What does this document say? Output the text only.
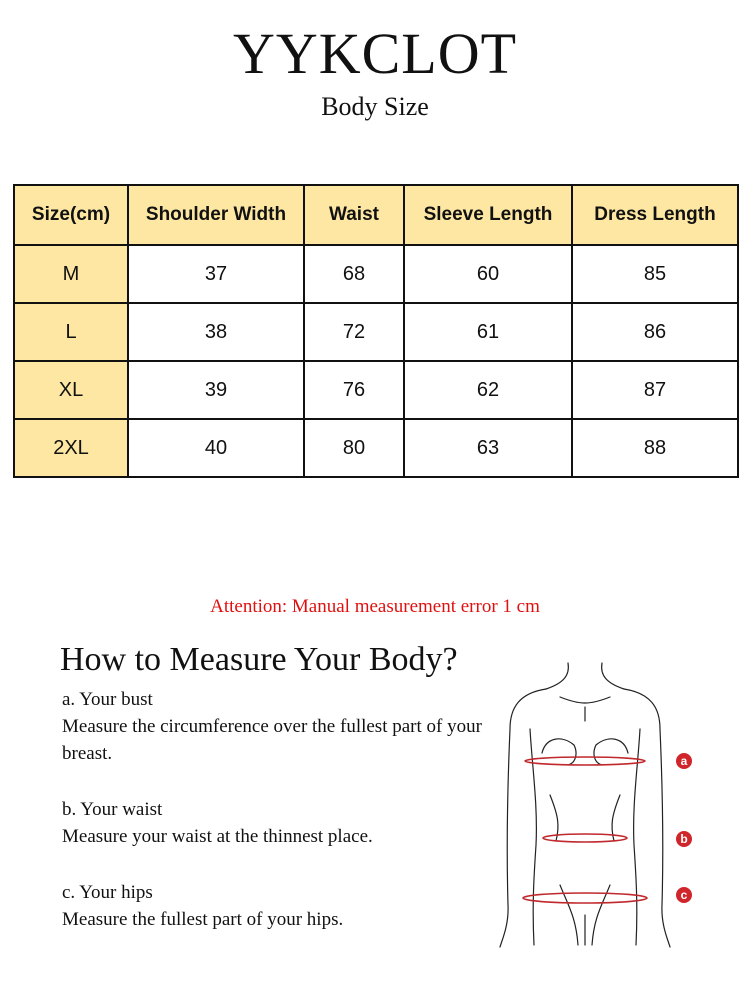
YYKCLOT
Body Size
Size(cm)	Shoulder Width	Waist	Sleeve Length	Dress Length
M	37	68	60	85
L	38	72	61	86
XL	39	76	62	87
2XL	40	80	63	88
Attention: Manual measurement error 1 cm
How to Measure Your Body?
a. Your bust
Measure the circumference over the fullest part of your breast.
b. Your waist
Measure your waist at the thinnest place.
c. Your hips
Measure the fullest part of your hips.
a
b
c
